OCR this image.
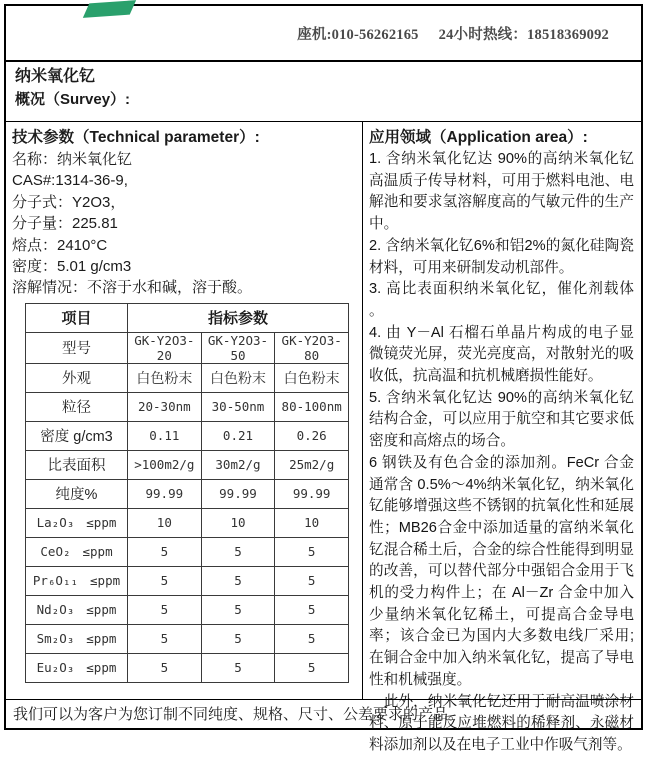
座机:010-56262165 24小时热线：18518369092
纳米氧化钇
概况（Survey）:
技术参数（Technical parameter）:
名称：纳米氧化钇
CAS#:1314-36-9,
分子式：Y2O3，
分子量：225.81
熔点：2410°C
密度：5.01 g/cm3
溶解情况：不溶于水和碱，溶于酸。
项目	指标参数		
型号	GK-Y2O3-20	GK-Y2O3-50	GK-Y2O3-80
外观	白色粉末	白色粉末	白色粉末
粒径	20-30nm	30-50nm	80-100nm
密度 g/cm3	0.11	0.21	0.26
比表面积	>100m2/g	30m2/g	25m2/g
纯度%	99.99	99.99	99.99

La₂O₃ ≤ppm	10	10	10

CeO₂ ≤ppm	5	5	5

Pr₆O₁₁ ≤ppm	5	5	5

Nd₂O₃ ≤ppm	5	5	5

Sm₂O₃ ≤ppm	5	5	5

Eu₂O₃ ≤ppm	5	5	5
应用领域（Application area）:

1. 含纳米氧化钇达 90%的高纳米氧化钇高温质子传导材料，可用于燃料电池、电解池和要求氢溶解度高的气敏元件的生产中。

2. 含纳米氧化钇6%和铝2%的氮化硅陶瓷材料，可用来研制发动机部件。

3. 高比表面积纳米氧化钇，催化剂载体 。

4. 由 Y－Al 石榴石单晶片构成的电子显微镜荧光屏，荧光亮度高，对散射光的吸收低，抗高温和抗机械磨损性能好。

5. 含纳米氧化钇达 90%的高纳米氧化钇结构合金，可以应用于航空和其它要求低密度和高熔点的场合。

6 钢铁及有色合金的添加剂。FeCr 合金通常含 0.5%～4%纳米氧化钇，纳米氧化钇能够增强这些不锈钢的抗氧化性和延展性；MB26合金中添加适量的富纳米氧化钇混合稀土后，合金的综合性能得到明显的改善，可以替代部分中强铝合金用于飞机的受力构件上；在 Al－Zr 合金中加入少量纳米氧化钇稀土，可提高合金导电率；该合金已为国内大多数电线厂采用;在铜合金中加入纳米氧化钇，提高了导电性和机械强度。

　此外，纳米氧化钇还用于耐高温喷涂材料、原子能反应堆燃料的稀释剂、永磁材料添加剂以及在电子工业中作吸气剂等。

我们可以为客户为您订制不同纯度、规格、尺寸、公差要求的产品。
